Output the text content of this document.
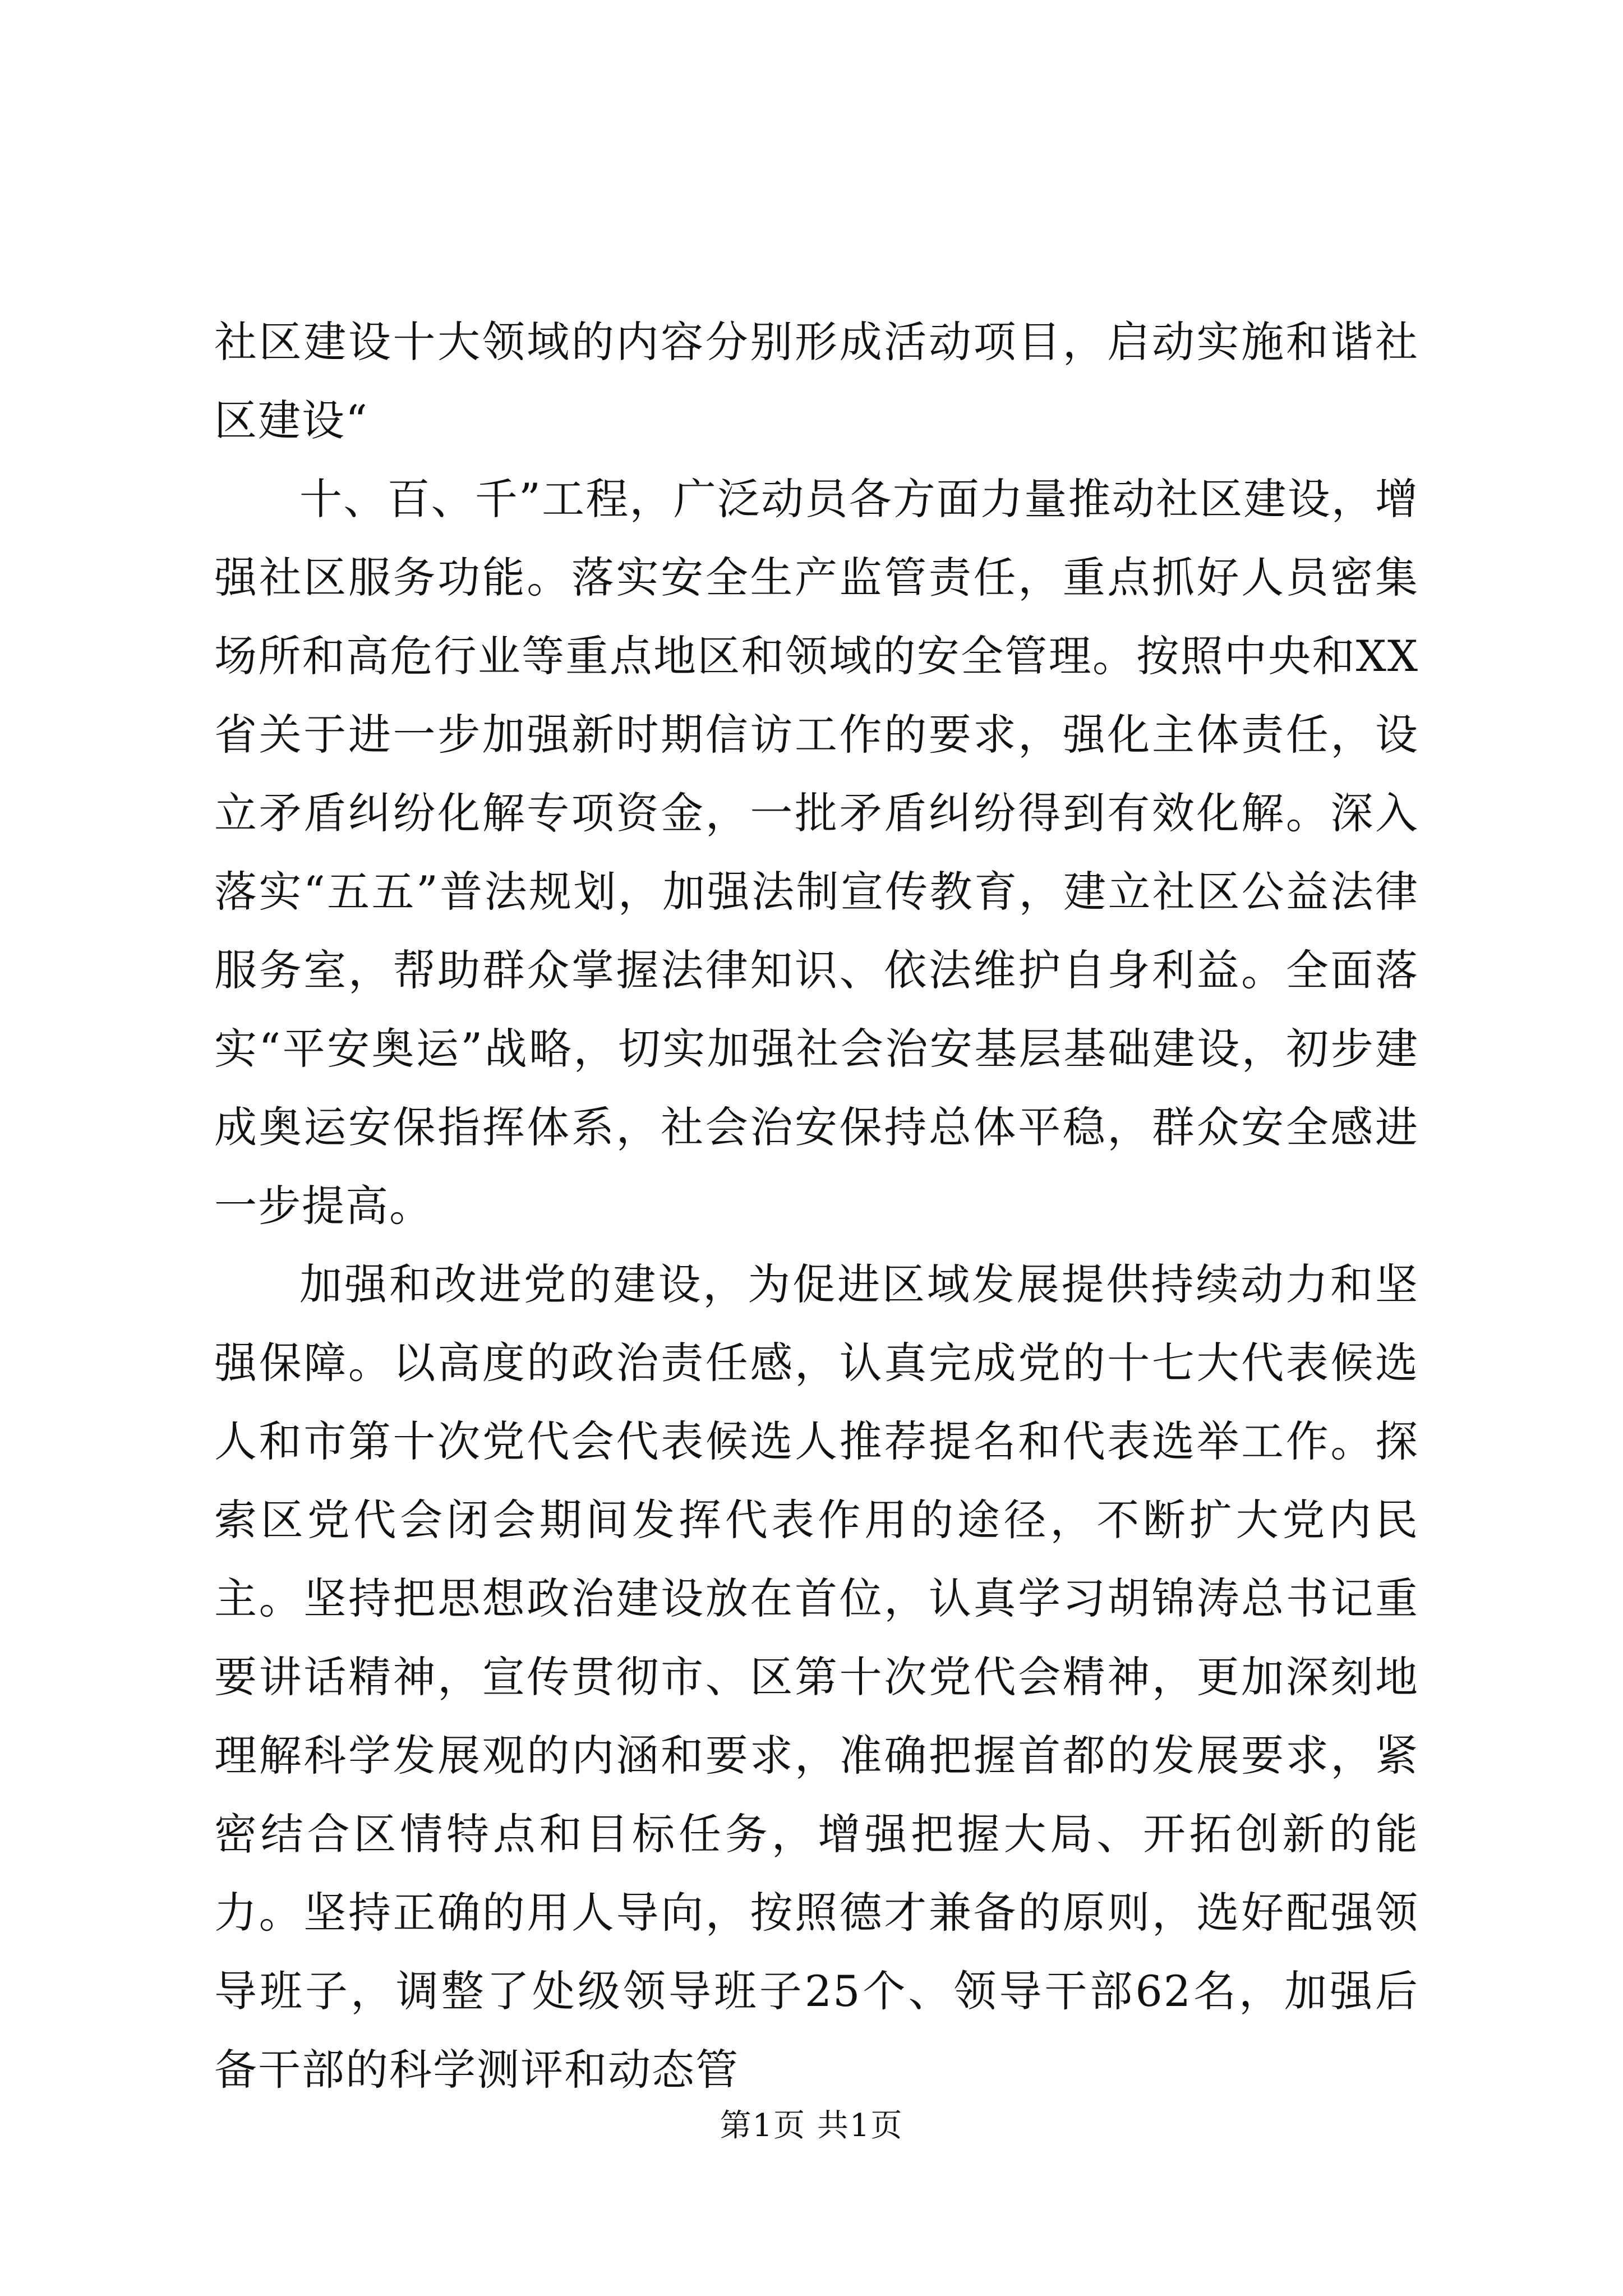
社区建设十大领域的内容分别形成活动项目，启动实施和谐社区建设“

十、百、千”工程，广泛动员各方面力量推动社区建设，增强社区服务功能。落实安全生产监管责任，重点抓好人员密集场所和高危行业等重点地区和领域的安全管理。按照中央和XX省关于进一步加强新时期信访工作的要求，强化主体责任，设立矛盾纠纷化解专项资金，一批矛盾纠纷得到有效化解。深入落实“五五”普法规划，加强法制宣传教育，建立社区公益法律服务室，帮助群众掌握法律知识、依法维护自身利益。全面落实“平安奥运”战略，切实加强社会治安基层基础建设，初步建成奥运安保指挥体系，社会治安保持总体平稳，群众安全感进一步提高。

加强和改进党的建设，为促进区域发展提供持续动力和坚强保障。以高度的政治责任感，认真完成党的十七大代表候选人和市第十次党代会代表候选人推荐提名和代表选举工作。探索区党代会闭会期间发挥代表作用的途径，不断扩大党内民主。坚持把思想政治建设放在首位，认真学习胡锦涛总书记重要讲话精神，宣传贯彻市、区第十次党代会精神，更加深刻地理解科学发展观的内涵和要求，准确把握首都的发展要求，紧密结合区情特点和目标任务，增强把握大局、开拓创新的能力。坚持正确的用人导向，按照德才兼备的原则，选好配强领导班子，调整了处级领导班子25个、领导干部62名，加强后备干部的科学测评和动态管

第1页 共1页
